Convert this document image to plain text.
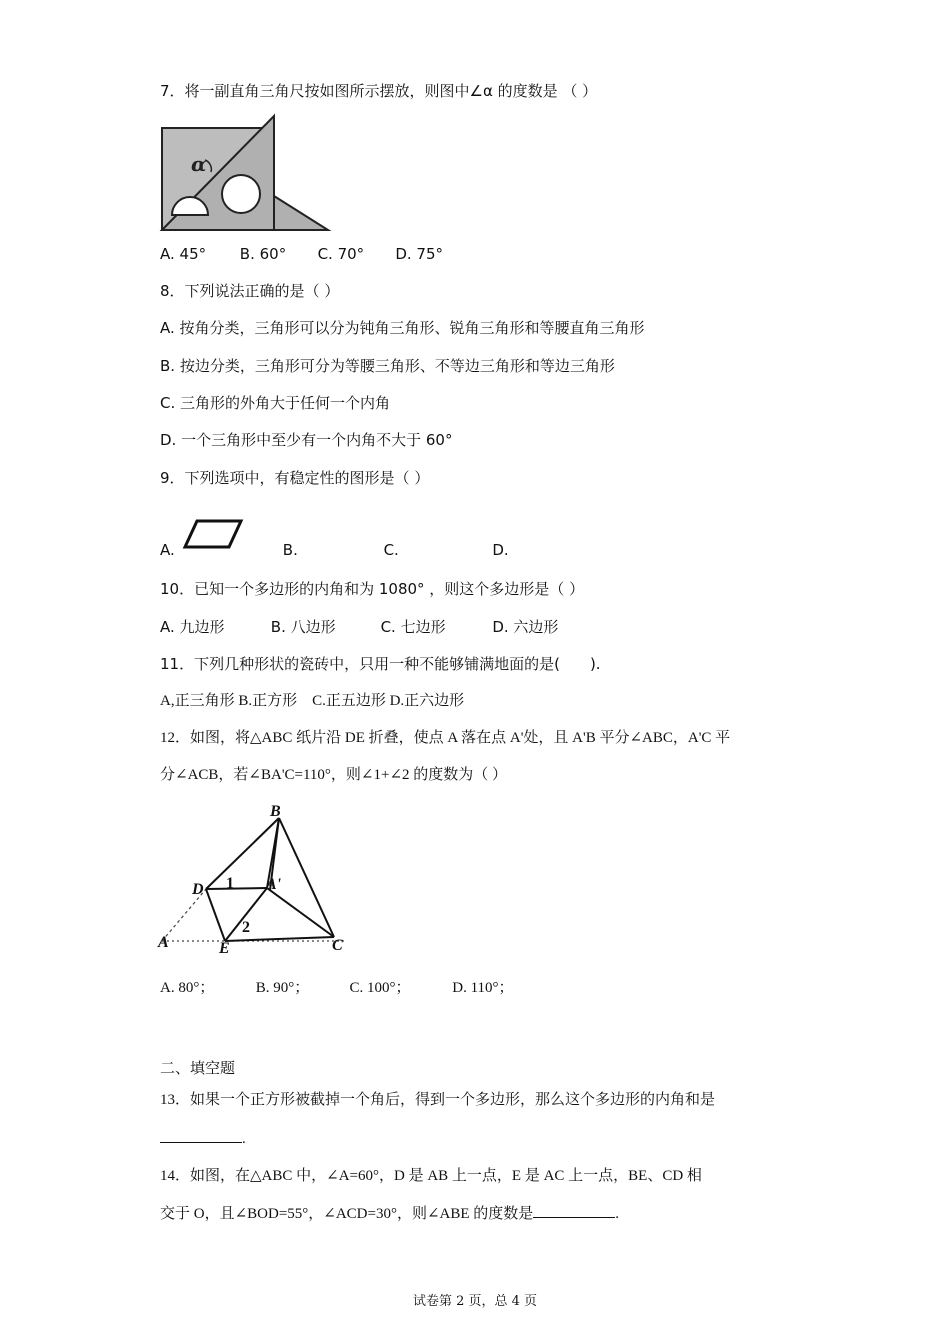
7．将一副直角三角尺按如图所示摆放，则图中∠α 的度数是 （ ）
α
A. 45° B. 60° C. 70° D. 75°
8．下列说法正确的是（ ）
A. 按角分类，三角形可以分为钝角三角形、锐角三角形和等腰直角三角形
B. 按边分类，三角形可分为等腰三角形、不等边三角形和等边三角形
C. 三角形的外角大于任何一个内角
D. 一个三角形中至少有一个内角不大于 60°
9．下列选项中，有稳定性的图形是（ ）
A.	B.	C.	D.
10．已知一个多边形的内角和为 1080° ，则这个多边形是（ ）
A. 九边形	B. 八边形	C. 七边形	D. 六边形
11．下列几种形状的瓷砖中，只用一种不能够铺满地面的是(　　).
A,正三角形 B.正方形　C.正五边形 D.正六边形
12．如图，将△ABC 纸片沿 DE 折叠，使点 A 落在点 A'处，且 A'B 平分∠ABC，A'C 平
分∠ACB，若∠BA'C=110°，则∠1+∠2 的度数为（ ）
B
D 1 A'
2
A	E	C
A. 80°；	B. 90°；	C. 100°；	D. 110°；
二、填空题
13．如果一个正方形被截掉一个角后，得到一个多边形，那么这个多边形的内角和是
.
14．如图，在△ABC 中，∠A=60°，D 是 AB 上一点，E 是 AC 上一点，BE、CD 相
交于 O，且∠BOD=55°，∠ACD=30°，则∠ABE 的度数是	.
试卷第 2 页，总 4 页
